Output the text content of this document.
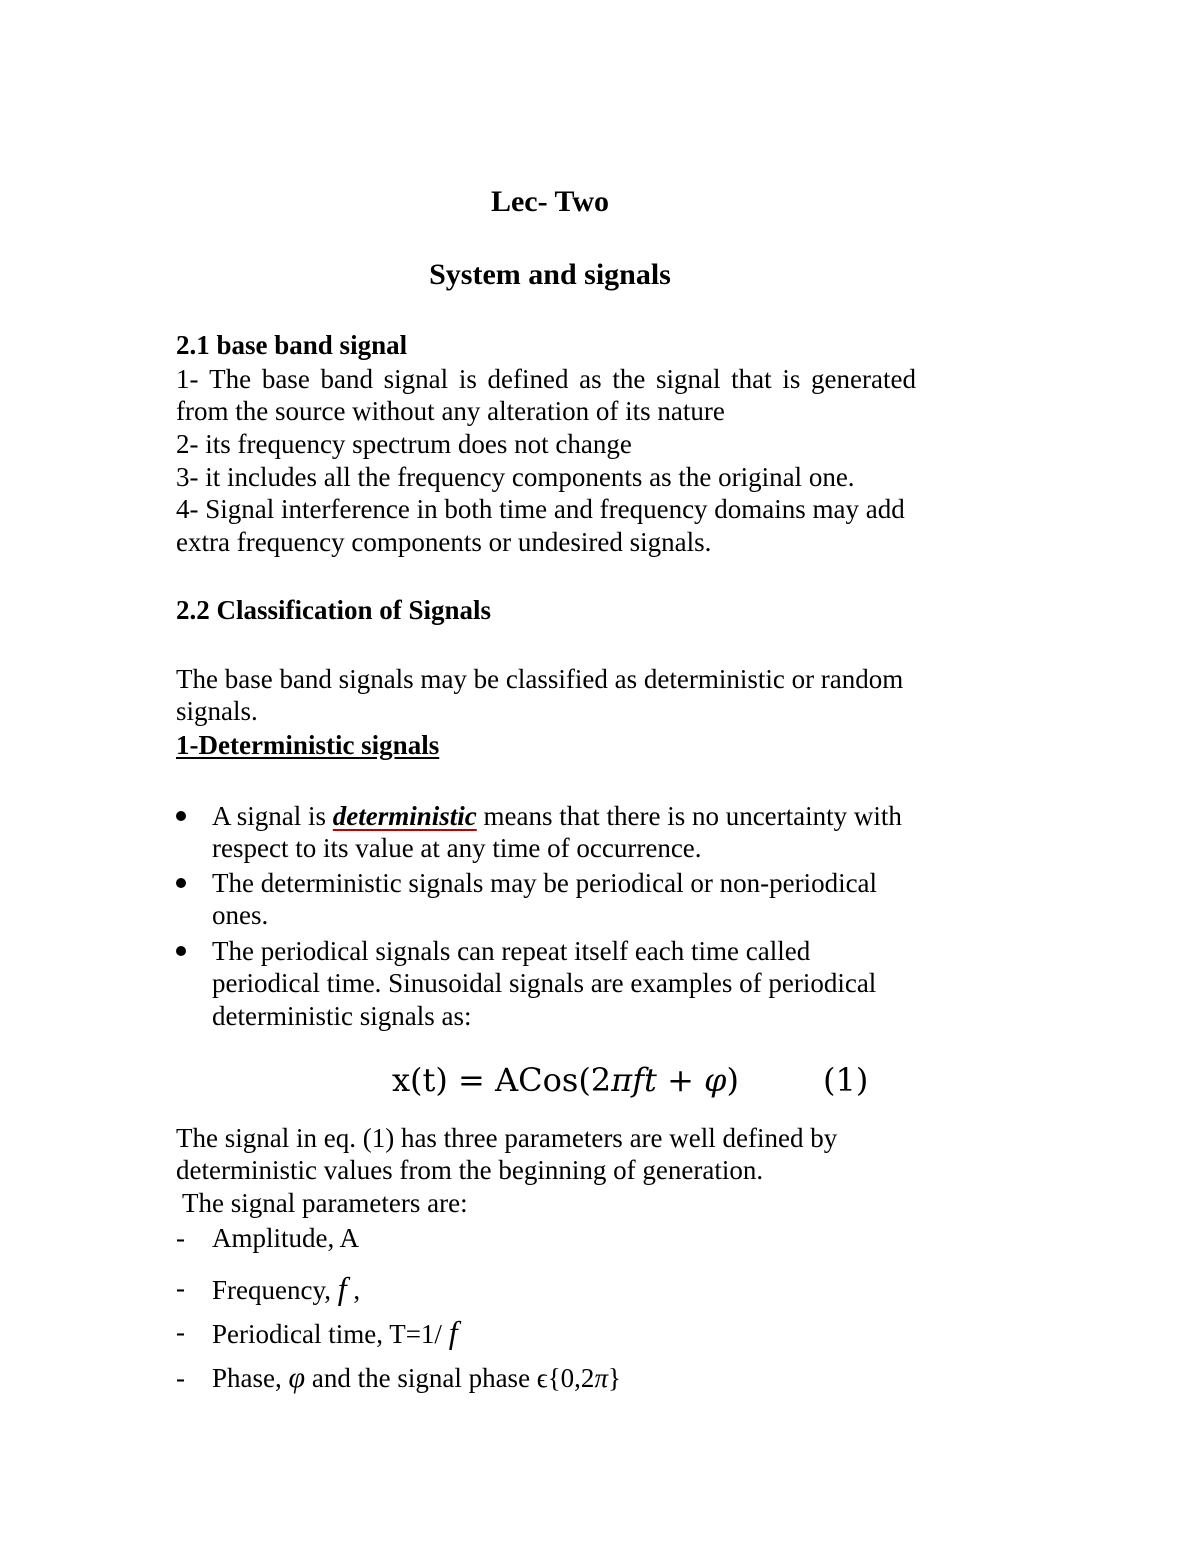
Lec- Two
System and signals
2.1 base band signal
1- The base band signal is defined as the signal that is generated
from the source without any alteration of its nature
2- its frequency spectrum does not change
3- it includes all the frequency components as the original one.
4- Signal interference in both time and frequency domains may add
extra frequency components or undesired signals.
2.2 Classification of Signals
The base band signals may be classified as deterministic or random
signals.
1-Deterministic signals
A signal is deterministic means that there is no uncertainty with
respect to its value at any time of occurrence.
The deterministic signals may be periodical or non-periodical
ones.
The periodical signals can repeat itself each time called
periodical time. Sinusoidal signals are examples of periodical
deterministic signals as:
x(t) = ACos(2πft + φ)	(1)
The signal in eq. (1) has three parameters are well defined by
deterministic values from the beginning of generation.
The signal parameters are:
- Amplitude, A
- Frequency, f ,
- Periodical time, T=1/ f
- Phase, φ and the signal phase ϵ{0,2π}
